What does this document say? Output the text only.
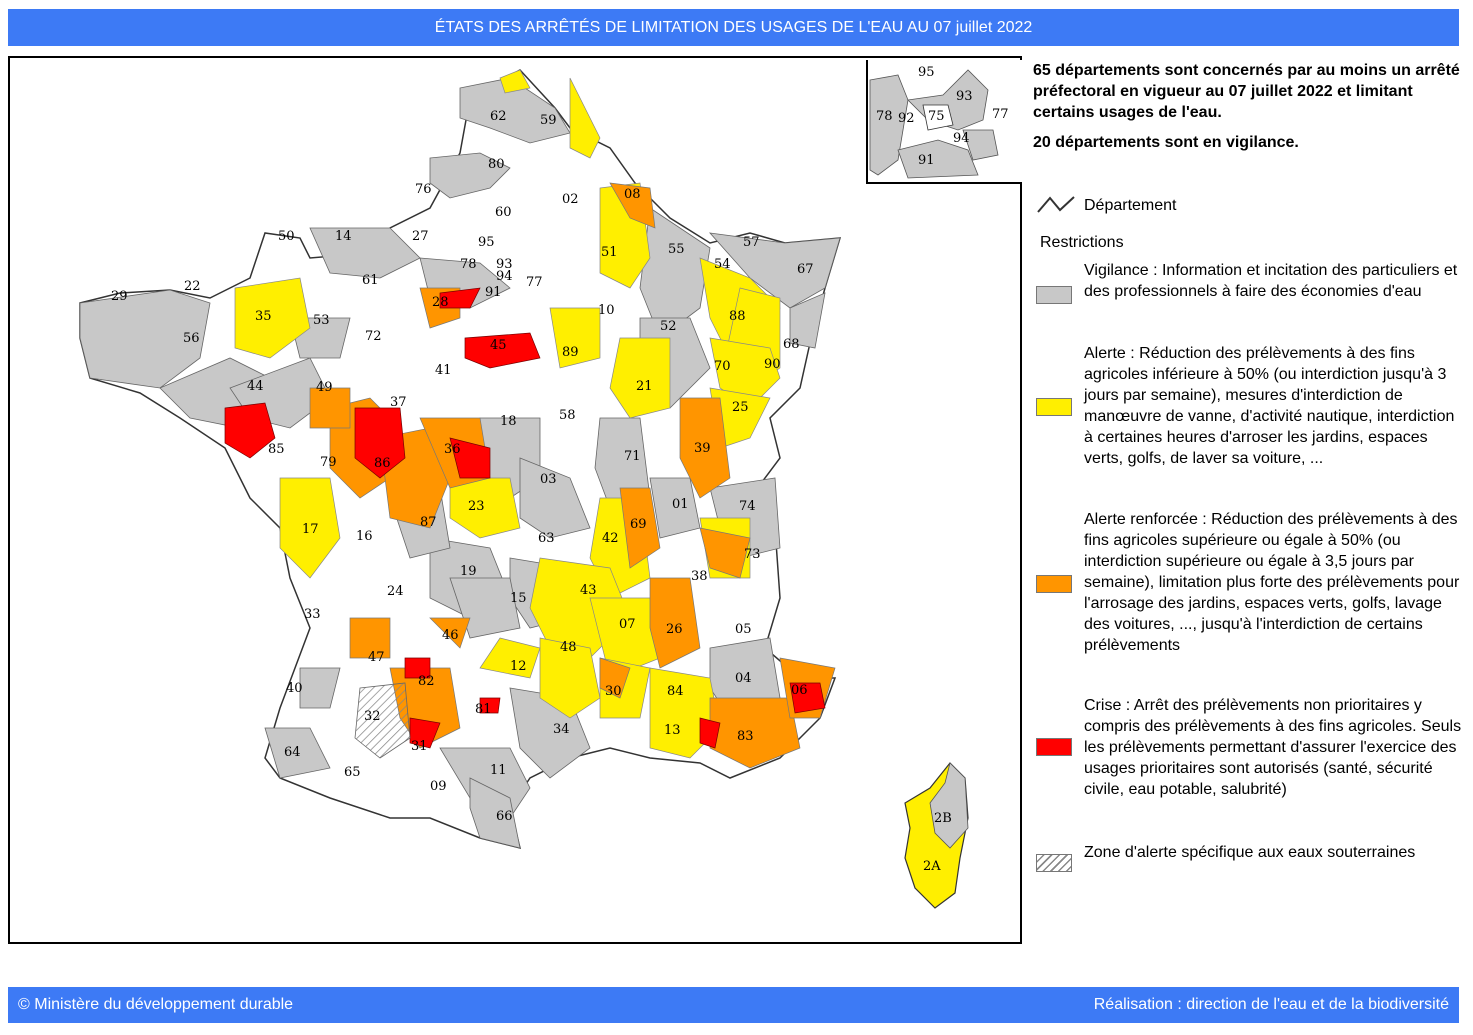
ÉTATS DES ARRÊTÉS DE LIMITATION DES USAGES DE L'EAU AU 07 juillet 2022
62	59
80
76
02	08
60
50	14	27	95
78 93
94 77
91
51	55	57
67
22
29
61
28
10
54
35	53
72
45
52
88
68
56
44	49
37
41
89
21
70	90
25
85
79	86
36
18	58
39
71
17	16
87
23
03
01	74
69
42
63
73
19
24	15
43
38
33
46
07 26	05
47
12
48
40	82
81
30	84
04
06
32
31
34	13	83
64
65	11
09
66	2B
2A
95
78 92 75
93
94
77
91

65 départements sont concernés par au moins un arrêté préfectoral en vigueur au 07 juillet 2022 et limitant certains usages de l'eau.

20 départements sont en vigilance.

Département
Restrictions
Vigilance : Information et incitation des particuliers et des professionnels à faire des économies d'eau
Alerte : Réduction des prélèvements à des fins agricoles inférieure à 50% (ou interdiction jusqu'à 3 jours par semaine), mesures d'interdiction de manœuvre de vanne, d'activité nautique, interdiction à certaines heures d'arroser les jardins, espaces verts, golfs, de laver sa voiture, ...
Alerte renforcée : Réduction des prélèvements à des fins agricoles supérieure ou égale à 50% (ou interdiction supérieure ou égale à 3,5 jours par semaine), limitation plus forte des prélèvements pour l'arrosage des jardins, espaces verts, golfs, lavage des voitures, ..., jusqu'à l'interdiction de certains prélèvements
Crise : Arrêt des prélèvements non prioritaires y compris des prélèvements à des fins agricoles. Seuls les prélèvements permettant d'assurer l'exercice des usages prioritaires sont autorisés (santé, sécurité civile, eau potable, salubrité)
Zone d'alerte spécifique aux eaux souterraines
© Ministère du développement durable	Réalisation : direction de l'eau et de la biodiversité
